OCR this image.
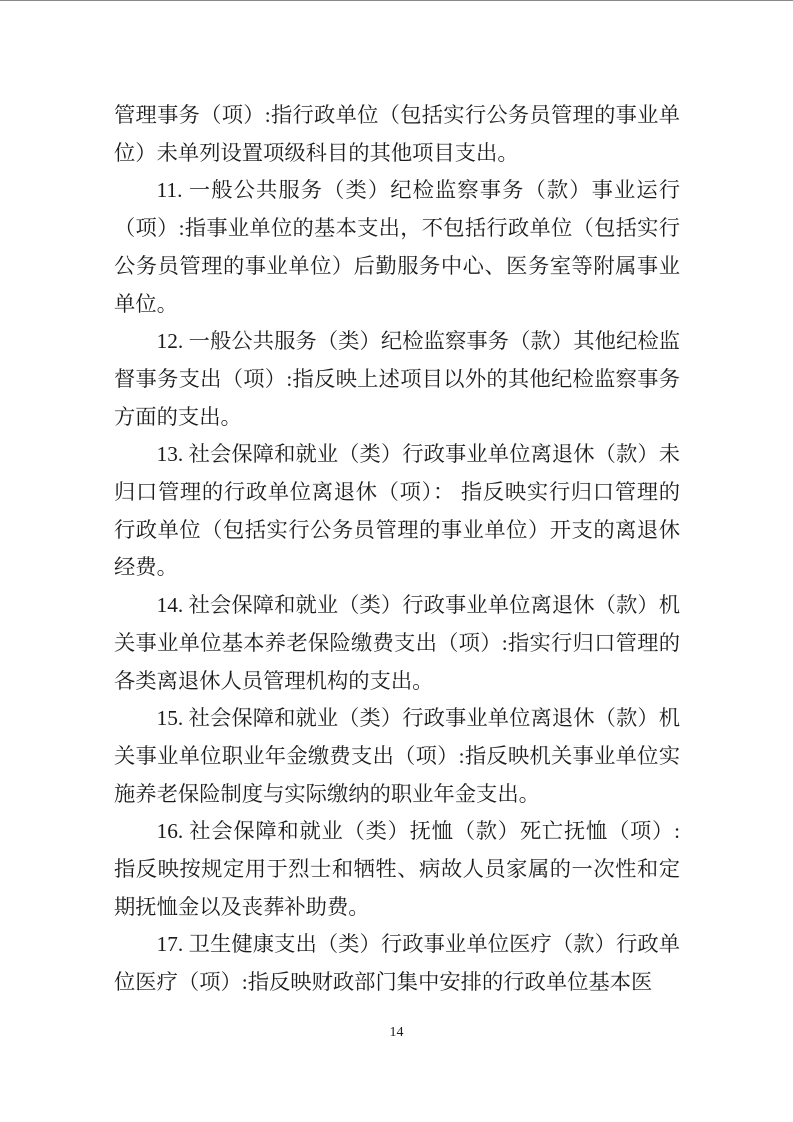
管理事务（项）:指行政单位（包括实行公务员管理的事业单位）未单列设置项级科目的其他项目支出。

11. 一般公共服务（类）纪检监察事务（款）事业运行（项）:指事业单位的基本支出，不包括行政单位（包括实行公务员管理的事业单位）后勤服务中心、医务室等附属事业单位。

12. 一般公共服务（类）纪检监察事务（款）其他纪检监督事务支出（项）:指反映上述项目以外的其他纪检监察事务方面的支出。

13. 社会保障和就业（类）行政事业单位离退休（款）未归口管理的行政单位离退休（项）： 指反映实行归口管理的行政单位（包括实行公务员管理的事业单位）开支的离退休经费。

14. 社会保障和就业（类）行政事业单位离退休（款）机关事业单位基本养老保险缴费支出（项）:指实行归口管理的各类离退休人员管理机构的支出。

15. 社会保障和就业（类）行政事业单位离退休（款）机关事业单位职业年金缴费支出（项）:指反映机关事业单位实施养老保险制度与实际缴纳的职业年金支出。

16. 社会保障和就业（类）抚恤（款）死亡抚恤（项）:指反映按规定用于烈士和牺牲、病故人员家属的一次性和定期抚恤金以及丧葬补助费。

17. 卫生健康支出（类）行政事业单位医疗（款）行政单位医疗（项）:指反映财政部门集中安排的行政单位基本医

14
